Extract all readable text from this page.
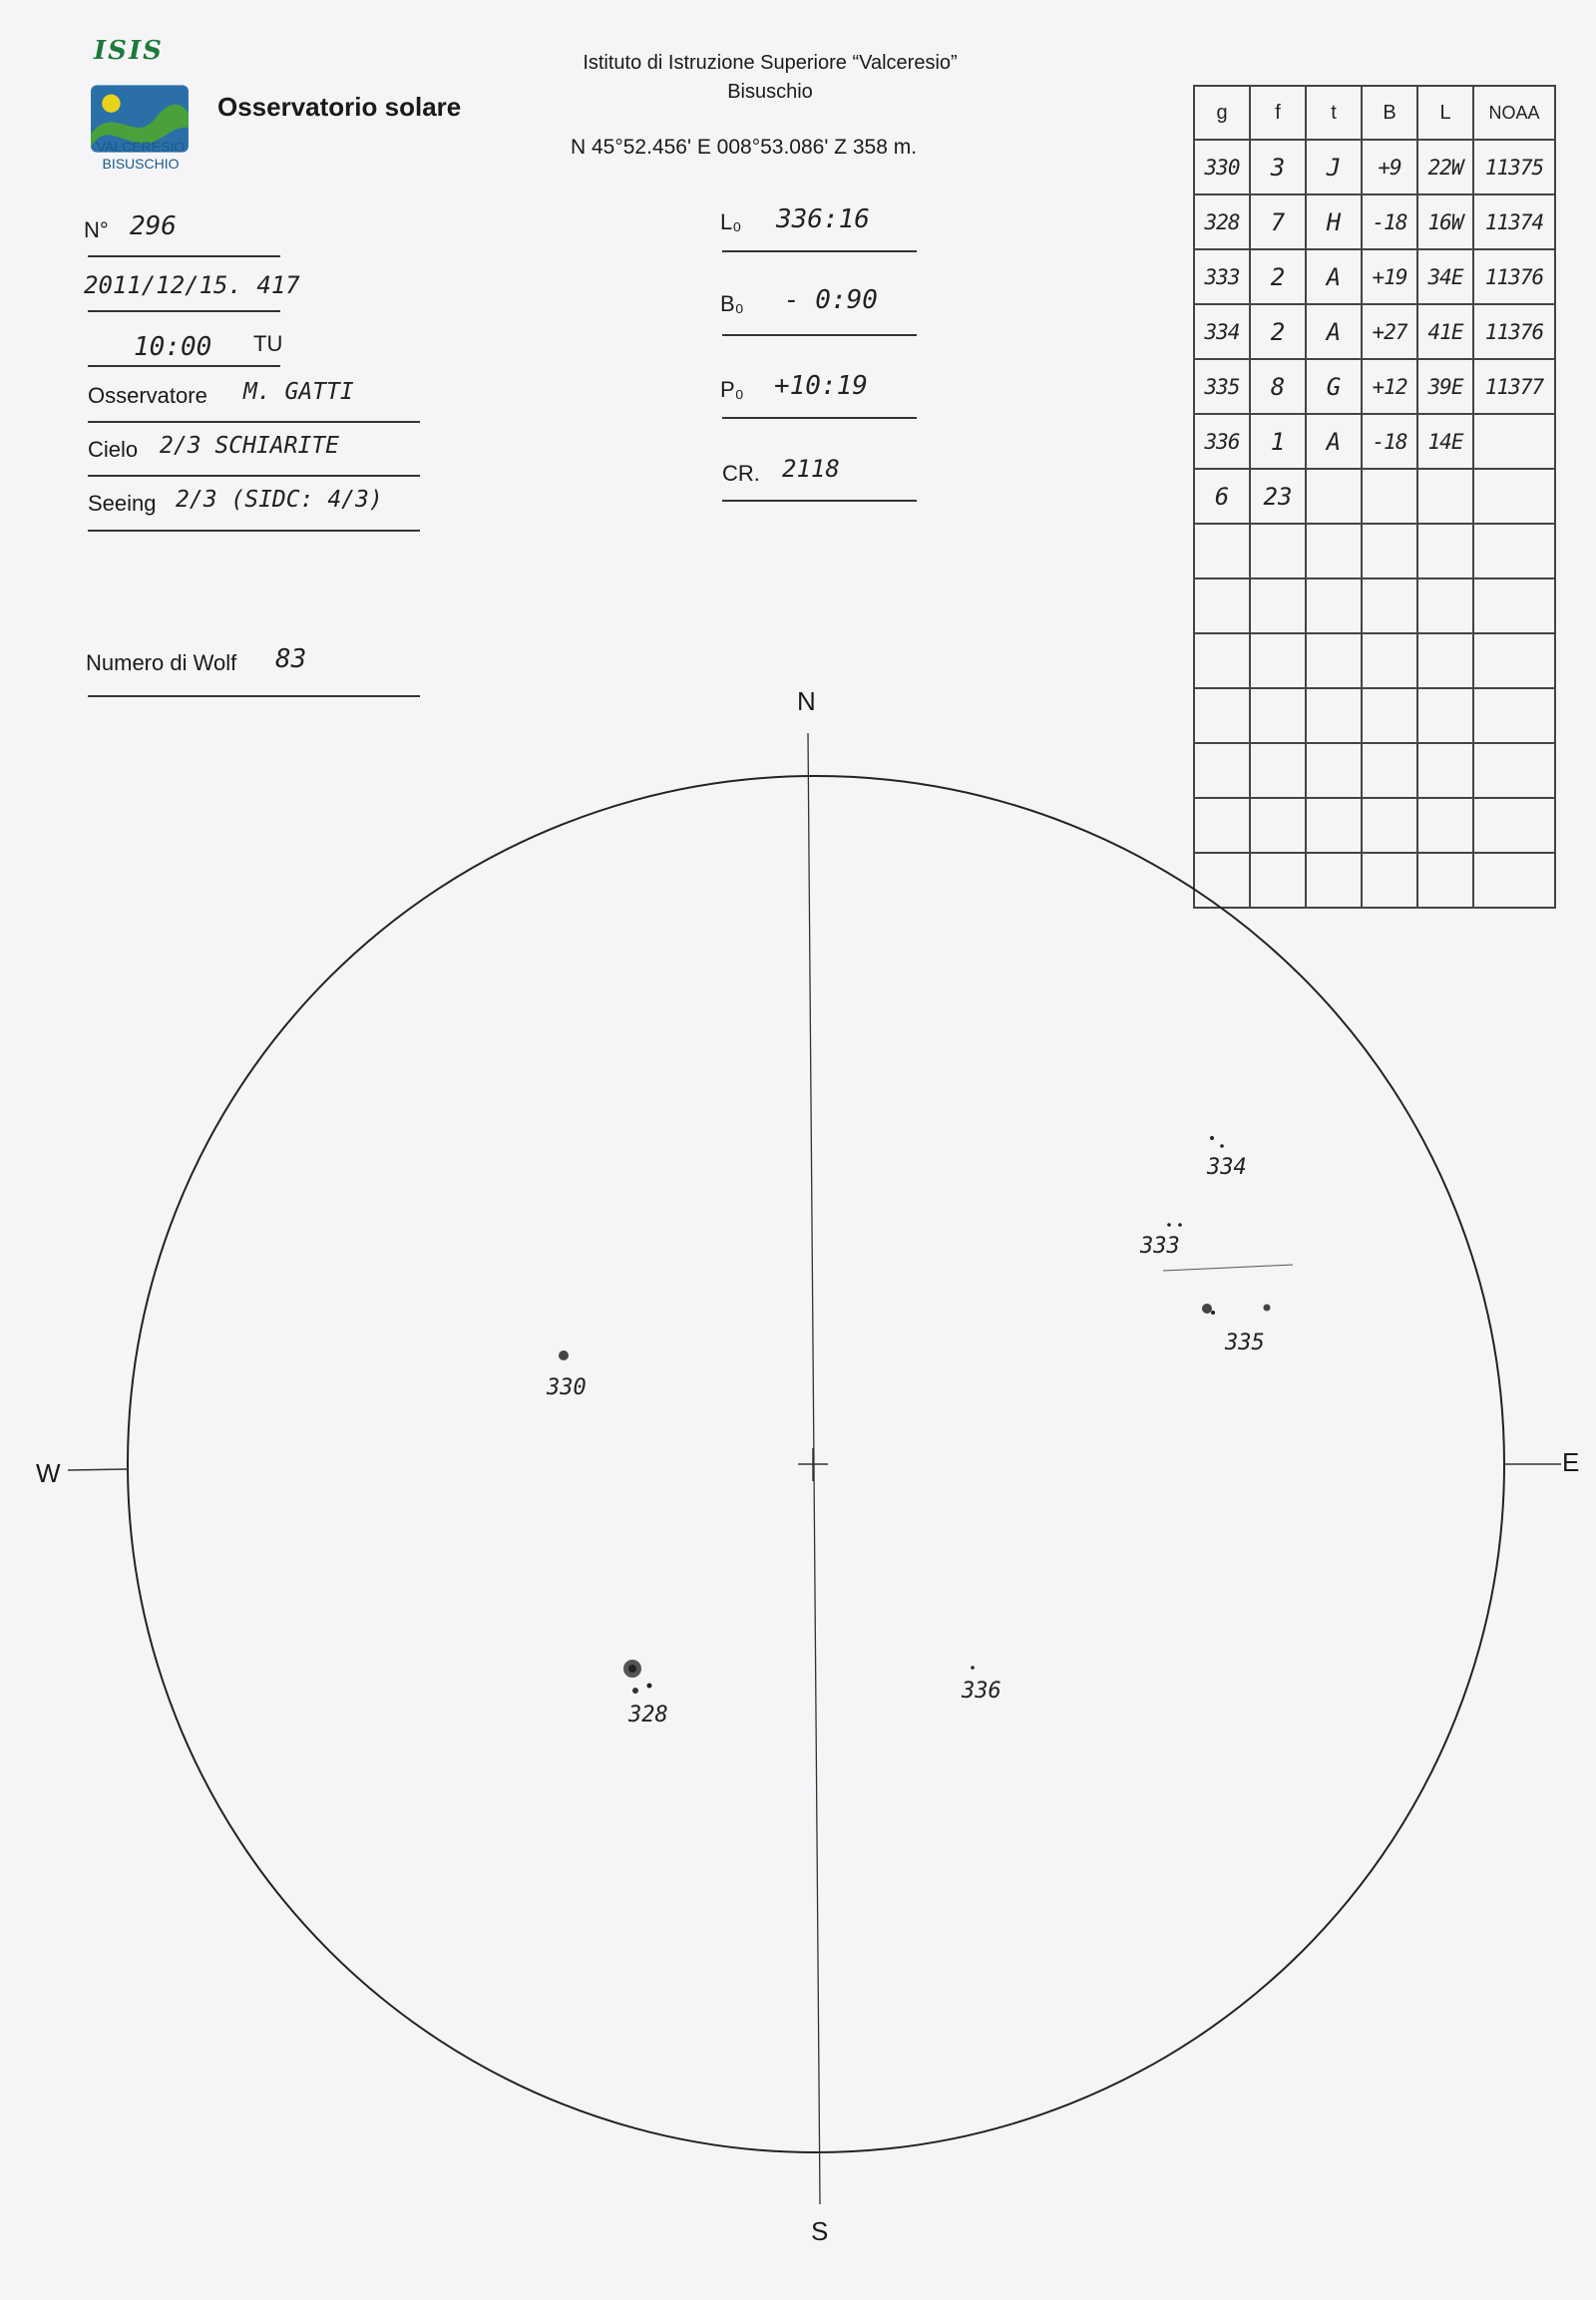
ISIS
VALCERESIO
BISUSCHIO
Osservatorio solare
Istituto di Istruzione Superiore “Valceresio”
Bisuschio
N 45°52.456' E 008°53.086' Z 358 m.
N° 296
2011/12/15. 417
10:00 TU
Osservatore M. GATTI
Cielo 2/3 SCHIARITE
Seeing 2/3 (SIDC: 4/3)
Numero di Wolf 83
L₀ 336:16
B₀ - 0:90
P₀ +10:19
CR. 2118
g	f	t	B	L	NOAA
330	3	J	+9	22W	11375
328	7	H	-18	16W	11374
333	2	A	+19	34E	11376
334	2	A	+27	41E	11376
335	8	G	+12	39E	11377
336	1	A	-18	14E	
6	23				

N
S
E
W
334
333
335
330
328
336
